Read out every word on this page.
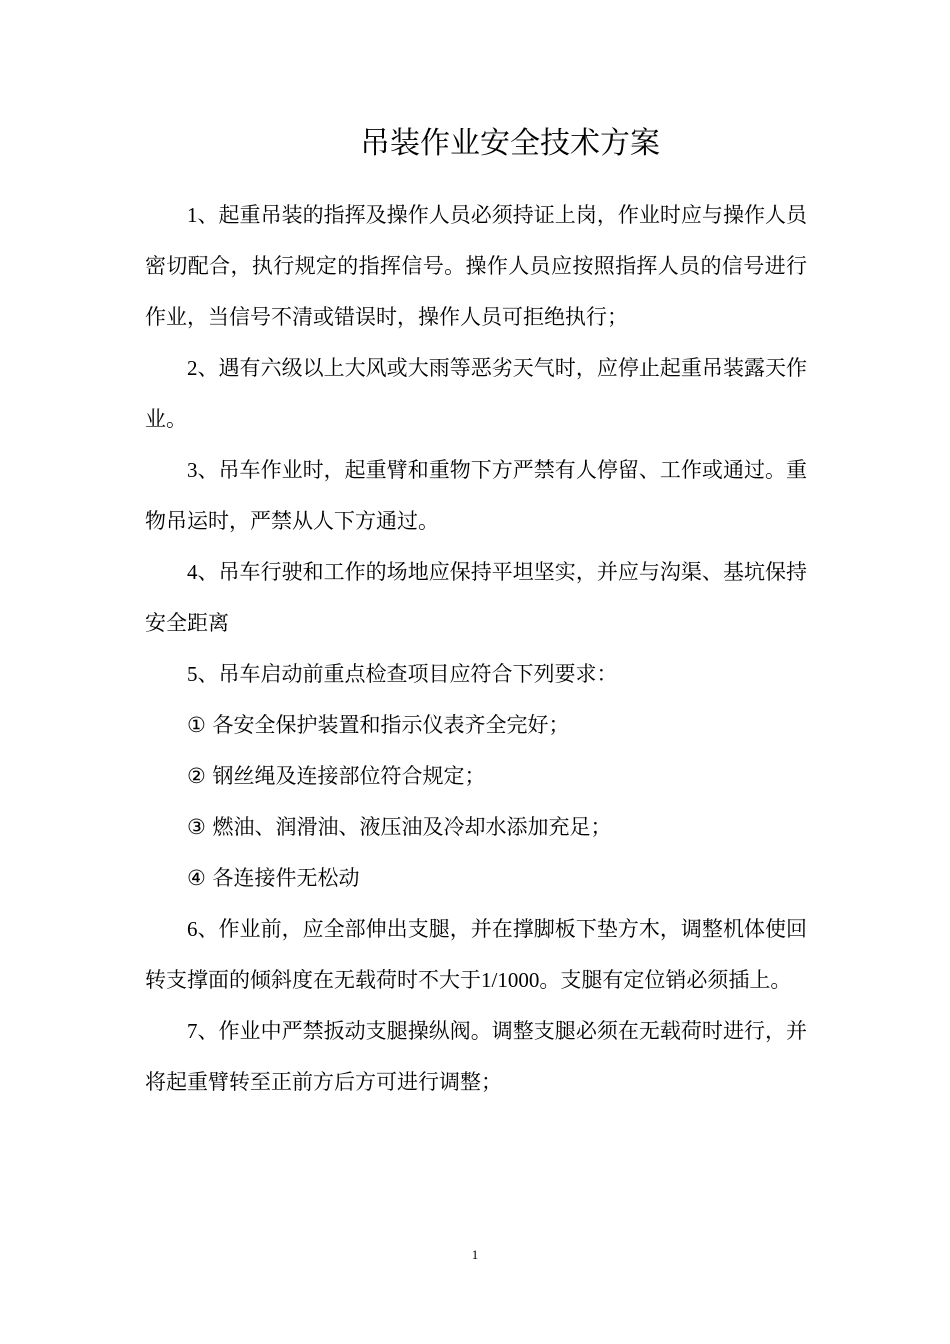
吊装作业安全技术方案

1、起重吊装的指挥及操作人员必须持证上岗，作业时应与操作人员密切配合，执行规定的指挥信号。操作人员应按照指挥人员的信号进行作业，当信号不清或错误时，操作人员可拒绝执行；

2、遇有六级以上大风或大雨等恶劣天气时，应停止起重吊装露天作业。

3、吊车作业时，起重臂和重物下方严禁有人停留、工作或通过。重物吊运时，严禁从人下方通过。

4、吊车行驶和工作的场地应保持平坦坚实，并应与沟渠、基坑保持安全距离

5、吊车启动前重点检查项目应符合下列要求：

① 各安全保护装置和指示仪表齐全完好；

② 钢丝绳及连接部位符合规定；

③ 燃油、润滑油、液压油及冷却水添加充足；

④ 各连接件无松动

6、作业前，应全部伸出支腿，并在撑脚板下垫方木，调整机体使回转支撑面的倾斜度在无载荷时不大于1/1000。支腿有定位销必须插上。

7、作业中严禁扳动支腿操纵阀。调整支腿必须在无载荷时进行，并将起重臂转至正前方后方可进行调整；

1
